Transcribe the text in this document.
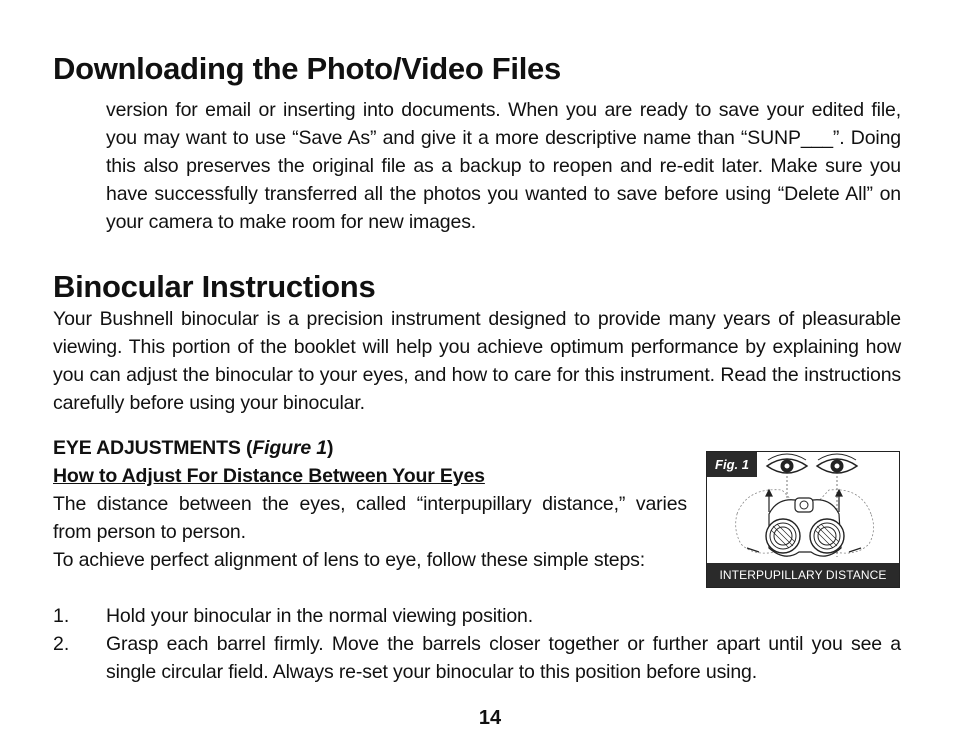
Downloading the Photo/Video Files

version for email or inserting into documents. When you are ready to save your edited file, you may want to use “Save As” and give it a more descriptive name than “SUNP___”. Doing this also preserves the original file as a backup to reopen and re-edit later. Make sure you have successfully transferred all the photos you wanted to save before using “Delete All” on your camera to make room for new images.

Binocular Instructions

Your Bushnell binocular is a precision instrument designed to provide many years of pleasurable viewing. This portion of the booklet will help you achieve optimum performance by explaining how you can adjust the binocular to your eyes, and how to care for this instrument. Read the instructions carefully before using your binocular.

EYE ADJUSTMENTS (Figure 1)
How to Adjust For Distance Between Your Eyes

The distance between the eyes, called “interpupillary distance,” varies from person to person.

To achieve perfect alignment of lens to eye, follow these simple steps:

1. Hold your binocular in the normal viewing position.

2. Grasp each barrel firmly. Move the barrels closer together or further apart until you see a single circular field. Always re-set your binocular to this position before using.

Fig. 1
INTERPUPILLARY DISTANCE
14
